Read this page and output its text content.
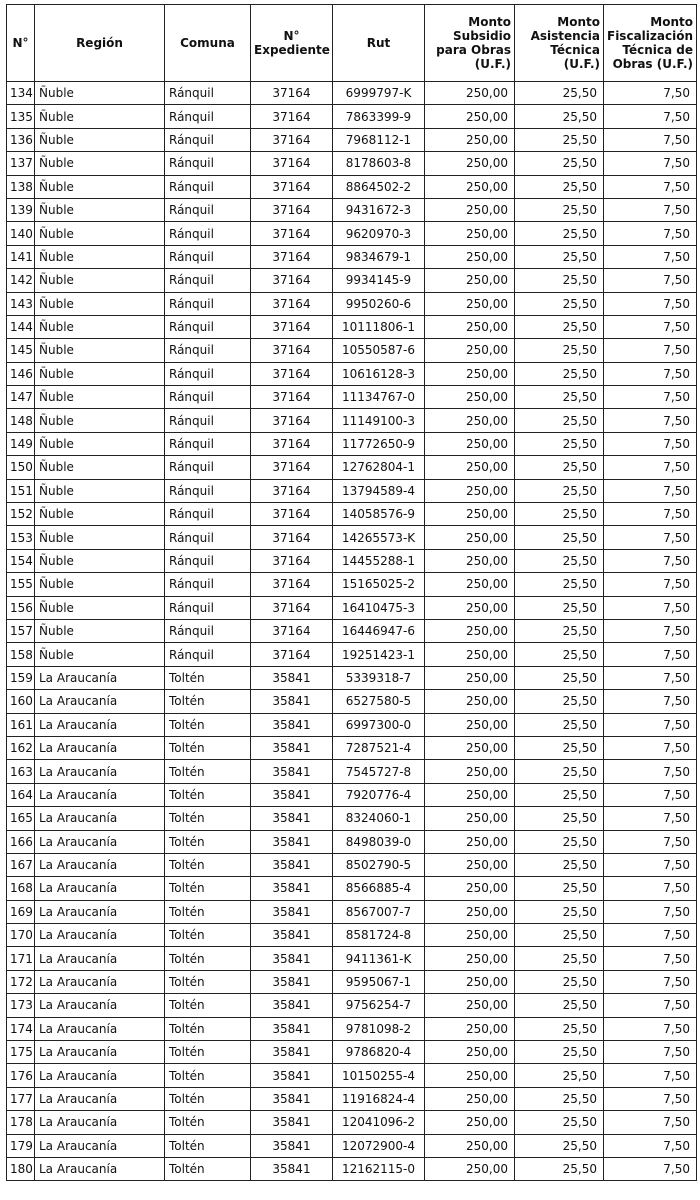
N°	Región	Comuna	N° Expediente	Rut	Monto Subsidio para Obras (U.F.)	Monto Asistencia Técnica (U.F.)	Monto Fiscalización Técnica de Obras (U.F.)
134	Ñuble	Ránquil	37164	6999797-K	250,00	25,50	7,50
135	Ñuble	Ránquil	37164	7863399-9	250,00	25,50	7,50
136	Ñuble	Ránquil	37164	7968112-1	250,00	25,50	7,50
137	Ñuble	Ránquil	37164	8178603-8	250,00	25,50	7,50
138	Ñuble	Ránquil	37164	8864502-2	250,00	25,50	7,50
139	Ñuble	Ránquil	37164	9431672-3	250,00	25,50	7,50
140	Ñuble	Ránquil	37164	9620970-3	250,00	25,50	7,50
141	Ñuble	Ránquil	37164	9834679-1	250,00	25,50	7,50
142	Ñuble	Ránquil	37164	9934145-9	250,00	25,50	7,50
143	Ñuble	Ránquil	37164	9950260-6	250,00	25,50	7,50
144	Ñuble	Ránquil	37164	10111806-1	250,00	25,50	7,50
145	Ñuble	Ránquil	37164	10550587-6	250,00	25,50	7,50
146	Ñuble	Ránquil	37164	10616128-3	250,00	25,50	7,50
147	Ñuble	Ránquil	37164	11134767-0	250,00	25,50	7,50
148	Ñuble	Ránquil	37164	11149100-3	250,00	25,50	7,50
149	Ñuble	Ránquil	37164	11772650-9	250,00	25,50	7,50
150	Ñuble	Ránquil	37164	12762804-1	250,00	25,50	7,50
151	Ñuble	Ránquil	37164	13794589-4	250,00	25,50	7,50
152	Ñuble	Ránquil	37164	14058576-9	250,00	25,50	7,50
153	Ñuble	Ránquil	37164	14265573-K	250,00	25,50	7,50
154	Ñuble	Ránquil	37164	14455288-1	250,00	25,50	7,50
155	Ñuble	Ránquil	37164	15165025-2	250,00	25,50	7,50
156	Ñuble	Ránquil	37164	16410475-3	250,00	25,50	7,50
157	Ñuble	Ránquil	37164	16446947-6	250,00	25,50	7,50
158	Ñuble	Ránquil	37164	19251423-1	250,00	25,50	7,50
159	La Araucanía	Toltén	35841	5339318-7	250,00	25,50	7,50
160	La Araucanía	Toltén	35841	6527580-5	250,00	25,50	7,50
161	La Araucanía	Toltén	35841	6997300-0	250,00	25,50	7,50
162	La Araucanía	Toltén	35841	7287521-4	250,00	25,50	7,50
163	La Araucanía	Toltén	35841	7545727-8	250,00	25,50	7,50
164	La Araucanía	Toltén	35841	7920776-4	250,00	25,50	7,50
165	La Araucanía	Toltén	35841	8324060-1	250,00	25,50	7,50
166	La Araucanía	Toltén	35841	8498039-0	250,00	25,50	7,50
167	La Araucanía	Toltén	35841	8502790-5	250,00	25,50	7,50
168	La Araucanía	Toltén	35841	8566885-4	250,00	25,50	7,50
169	La Araucanía	Toltén	35841	8567007-7	250,00	25,50	7,50
170	La Araucanía	Toltén	35841	8581724-8	250,00	25,50	7,50
171	La Araucanía	Toltén	35841	9411361-K	250,00	25,50	7,50
172	La Araucanía	Toltén	35841	9595067-1	250,00	25,50	7,50
173	La Araucanía	Toltén	35841	9756254-7	250,00	25,50	7,50
174	La Araucanía	Toltén	35841	9781098-2	250,00	25,50	7,50
175	La Araucanía	Toltén	35841	9786820-4	250,00	25,50	7,50
176	La Araucanía	Toltén	35841	10150255-4	250,00	25,50	7,50
177	La Araucanía	Toltén	35841	11916824-4	250,00	25,50	7,50
178	La Araucanía	Toltén	35841	12041096-2	250,00	25,50	7,50
179	La Araucanía	Toltén	35841	12072900-4	250,00	25,50	7,50
180	La Araucanía	Toltén	35841	12162115-0	250,00	25,50	7,50
